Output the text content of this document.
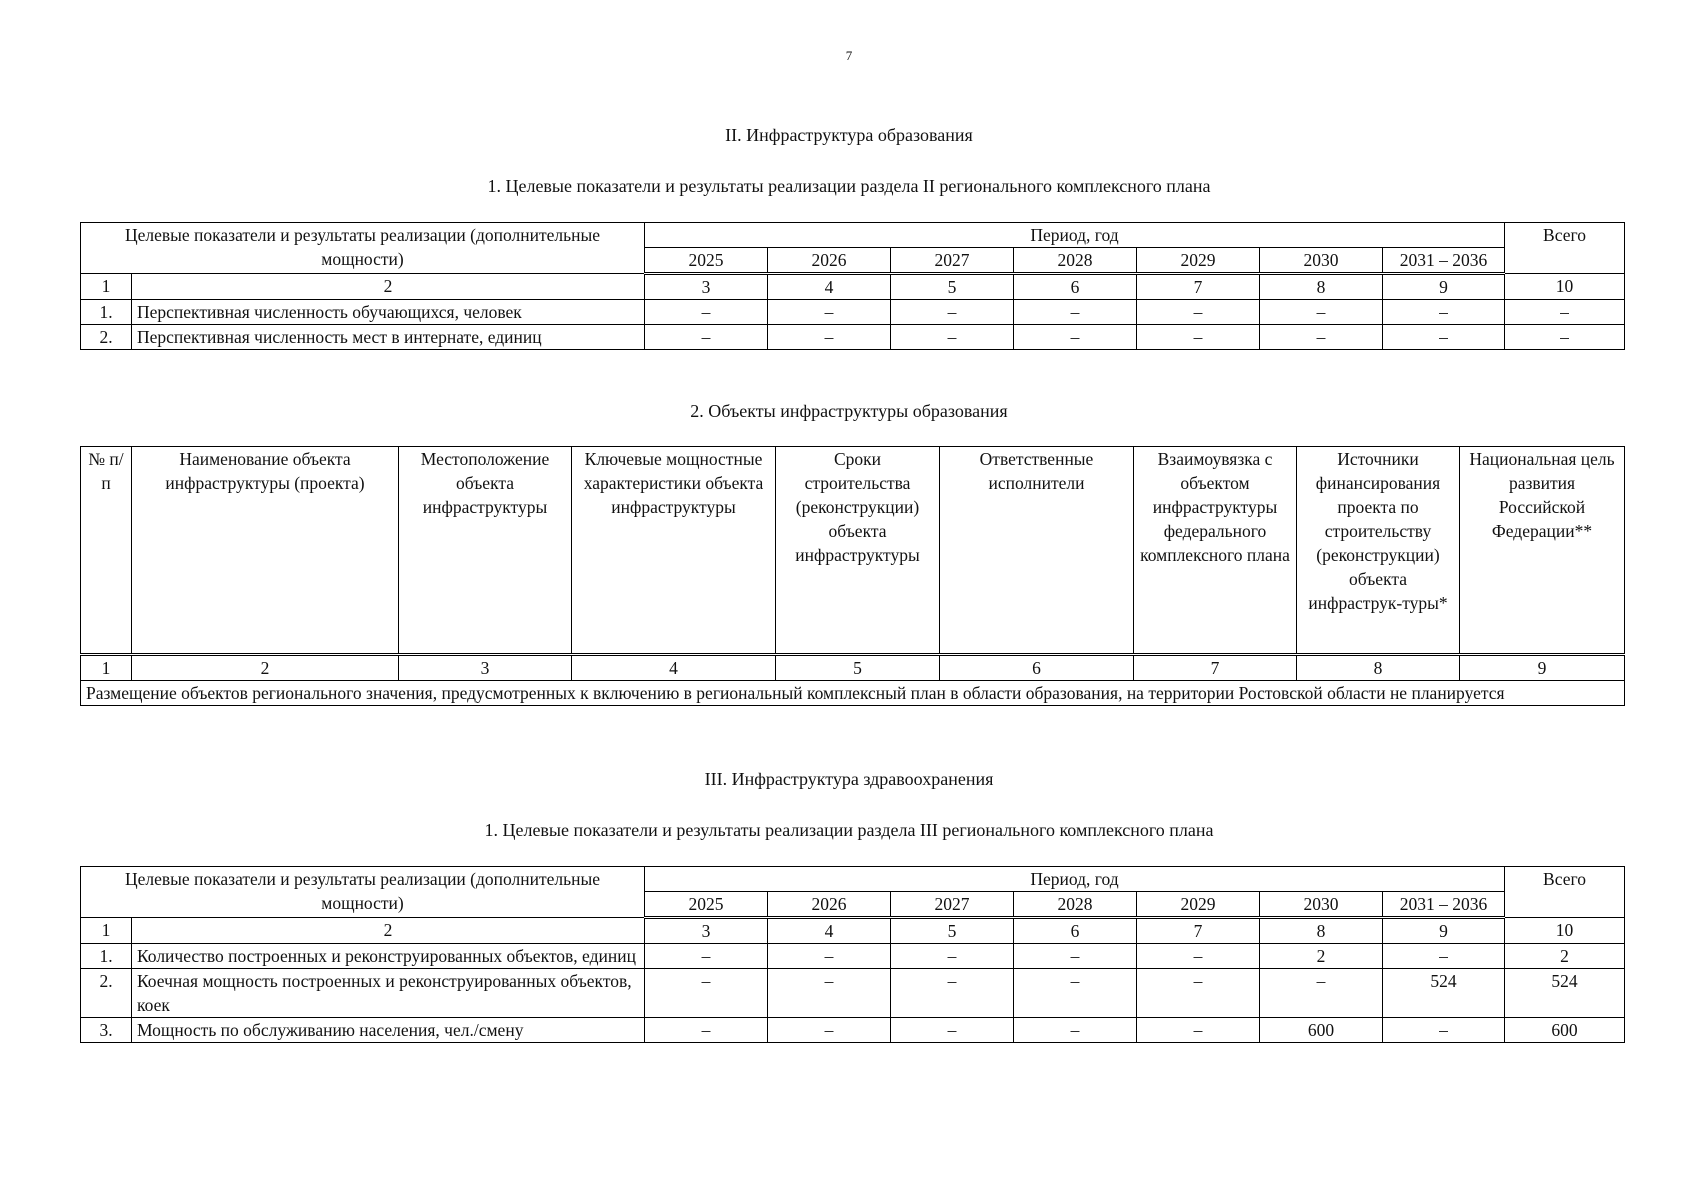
7
II. Инфраструктура образования
1. Целевые показатели и результаты реализации раздела II регионального комплексного плана
Целевые показатели и результаты реализации (дополнительные мощности)		Период, год							Всего
		2025	2026	2027	2028	2029	2030	2031 – 2036	
1	2	3	4	5	6	7	8	9	10
1.	Перспективная численность обучающихся, человек	–	–	–	–	–	–	–	–
2.	Перспективная численность мест в интернате, единиц	–	–	–	–	–	–	–	–
2. Объекты инфраструктуры образования
№ п/п	Наименование объекта инфраструктуры (проекта)	Местоположение объекта инфраструктуры	Ключевые мощностные характеристики объекта инфраструктуры	Сроки строительства (реконструкции) объекта инфраструктуры	Ответственные исполнители	Взаимоувязка с объектом инфраструктуры федерального комплексного плана	Источники финансирования проекта по строительству (реконструкции) объекта инфраструк-туры*	Национальная цель развития Российской Федерации**
1	2	3	4	5	6	7	8	9
Размещение объектов регионального значения, предусмотренных к включению в региональный комплексный план в области образования, на территории Ростовской области не планируется								
III. Инфраструктура здравоохранения
1. Целевые показатели и результаты реализации раздела III регионального комплексного плана
Целевые показатели и результаты реализации (дополнительные мощности)		Период, год							Всего
		2025	2026	2027	2028	2029	2030	2031 – 2036	
1	2	3	4	5	6	7	8	9	10
1.	Количество построенных и реконструированных объектов, единиц	–	–	–	–	–	2	–	2
2.	Коечная мощность построенных и реконструированных объектов, коек	–	–	–	–	–	–	524	524
3.	Мощность по обслуживанию населения, чел./смену	–	–	–	–	–	600	–	600
